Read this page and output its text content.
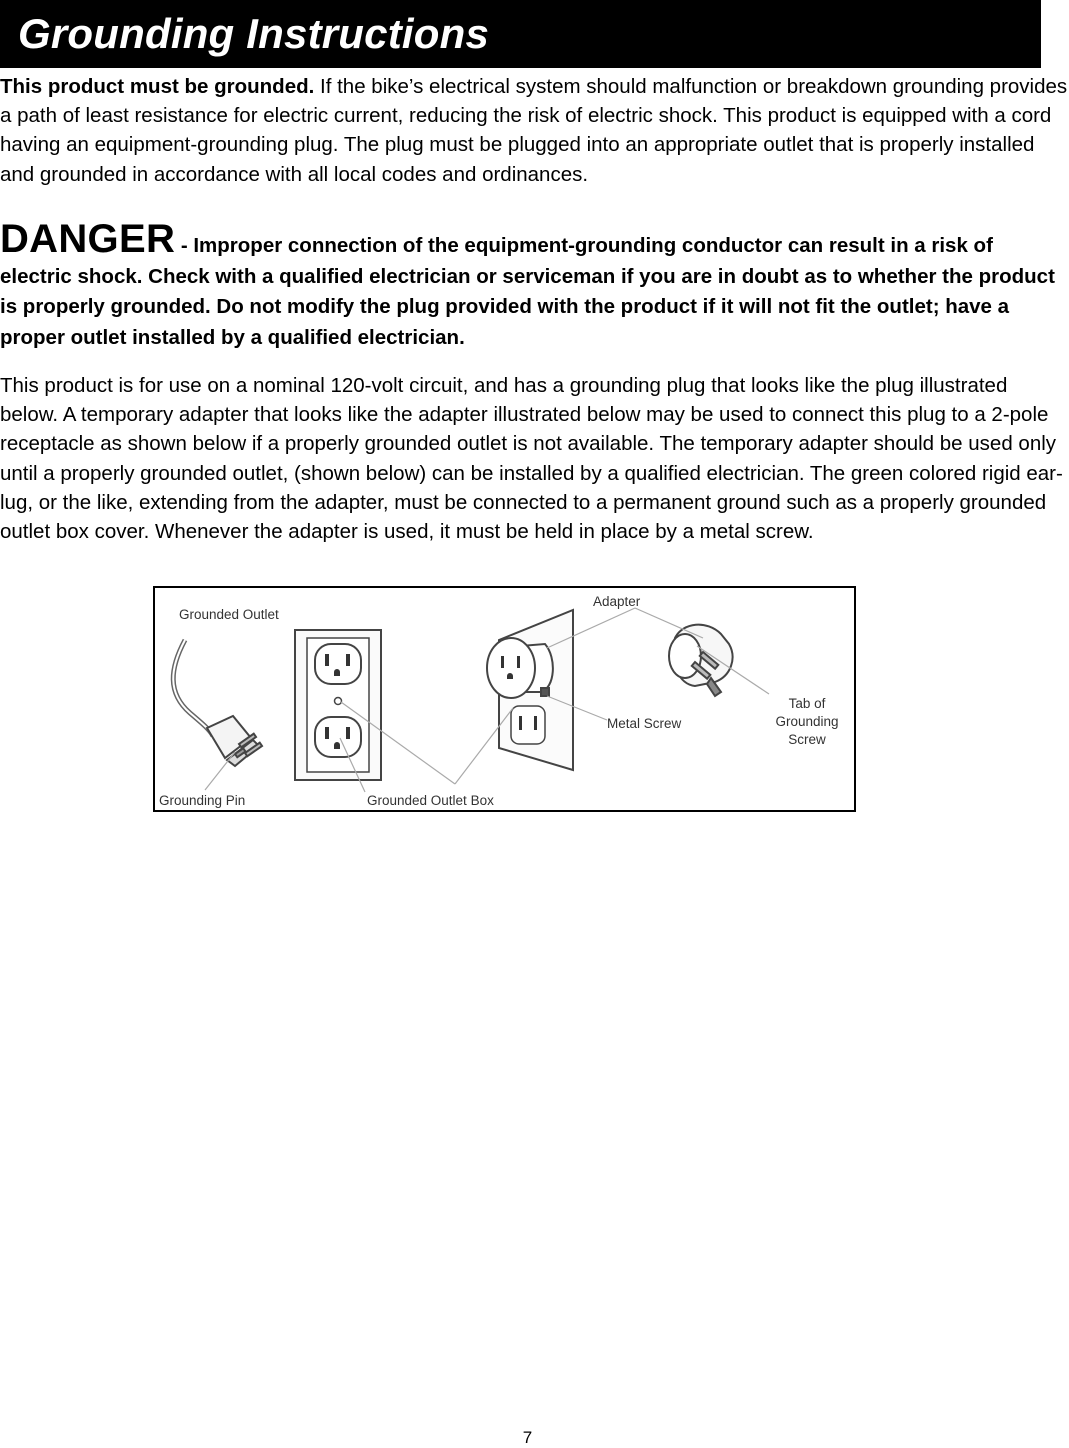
Grounding Instructions

This product must be grounded. If the bike’s electrical system should malfunction or breakdown grounding provides a path of least resistance for electric current, reducing the risk of electric shock. This product is equipped with a cord having an equipment-grounding plug. The plug must be plugged into an appropriate outlet that is properly installed and grounded in accordance with all local codes and ordinances.

DANGER - Improper connection of the equipment-grounding conductor can result in a risk of electric shock. Check with a qualified electrician or serviceman if you are in doubt as to whether the product is properly grounded. Do not modify the plug provided with the product if it will not fit the outlet; have a proper outlet installed by a qualified electrician.

This product is for use on a nominal 120-volt circuit, and has a grounding plug that looks like the plug illustrated below. A temporary adapter that looks like the adapter illustrated below may be used to connect this plug to a 2-pole receptacle as shown below if a properly grounded outlet is not available. The temporary adapter should be used only until a properly grounded outlet, (shown below) can be installed by a qualified electrician. The green colored rigid ear-lug, or the like, extending from the adapter, must be connected to a permanent ground such as a properly grounded outlet box cover. Whenever the adapter is used, it must be held in place by a metal screw.

Grounded Outlet
Adapter
Metal Screw
Tab of
Grounding
Screw
Grounding Pin	Grounded Outlet Box
7
